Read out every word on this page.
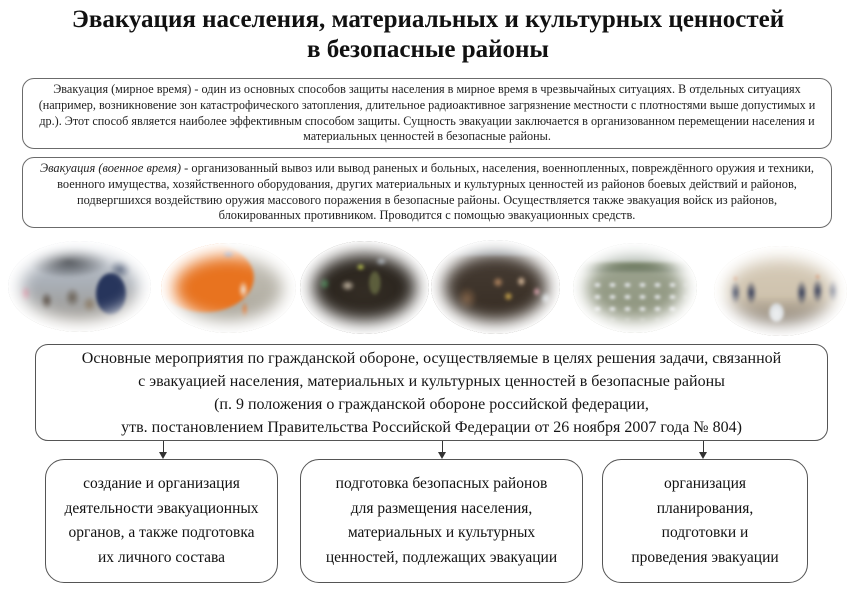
Эвакуация населения, материальных и культурных ценностей
в безопасные районы
Эвакуация (мирное время) - один из основных способов защиты населения в мирное время в чрезвычайных ситуациях. В отдельных ситуациях (например, возникновение зон катастрофического затопления, длительное радиоактивное загрязнение местности с плотностями выше допустимых и др.). Этот способ является наиболее эффективным способом защиты. Сущность эвакуации заключается в организованном перемещении населения и материальных ценностей в безопасные районы.
Эвакуация (военное время) - организованный вывоз или вывод раненых и больных, населения, военнопленных, повреждённого оружия и техники, военного имущества, хозяйственного оборудования, других материальных и культурных ценностей из районов боевых действий и районов, подвергшихся воздействию оружия массового поражения в безопасные районы. Осуществляется также эвакуация войск из районов, блокированных противником. Проводится с помощью эвакуационных средств.
Основные мероприятия по гражданской обороне, осуществляемые в целях решения задачи, связанной
с эвакуацией населения, материальных и культурных ценностей в безопасные районы
(п. 9 положения о гражданской обороне российской федерации,
утв. постановлением Правительства Российской Федерации от 26 ноября 2007 года № 804)
создание и организация
деятельности эвакуационных
органов, а также подготовка
их личного состава
подготовка безопасных районов
для размещения населения,
материальных и культурных
ценностей, подлежащих эвакуации
организация
планирования,
подготовки и
проведения эвакуации
